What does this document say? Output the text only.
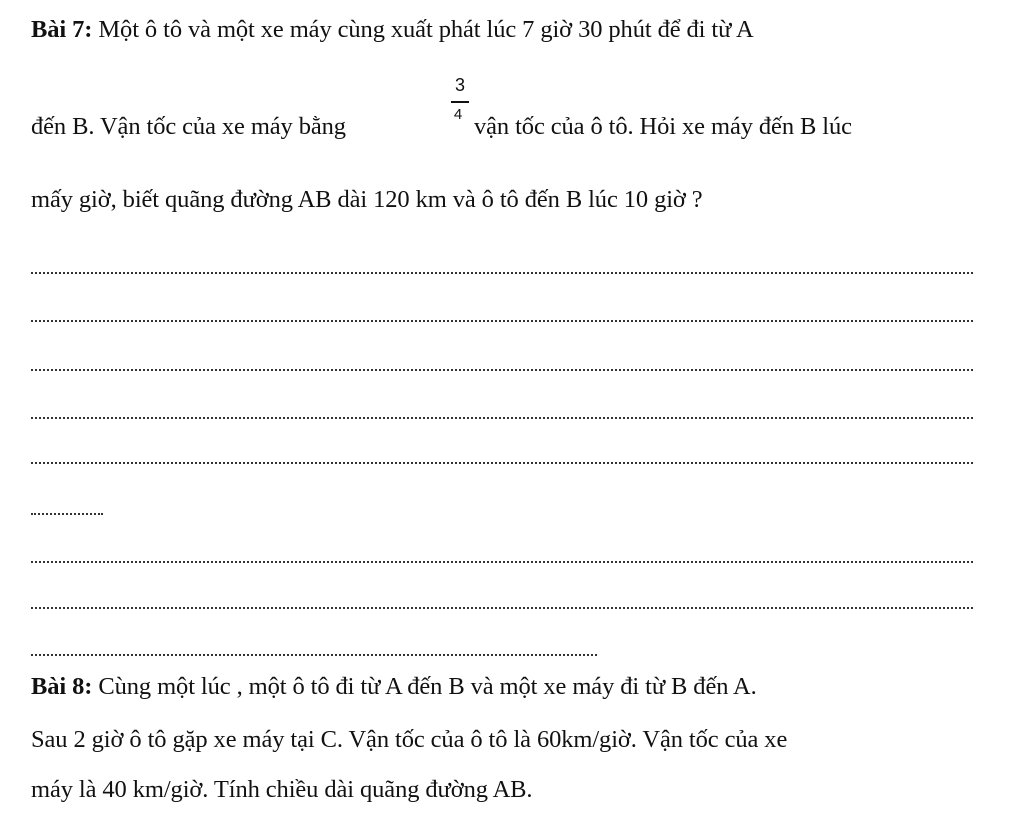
Bài 7: Một ô tô và một xe máy cùng xuất phát lúc 7 giờ 30 phút để đi từ A
3
4
đến B. Vận tốc của xe máy bằng	vận tốc của ô tô. Hỏi xe máy đến B lúc
mấy giờ, biết quãng đường AB dài 120 km và ô tô đến B lúc 10 giờ ?
Bài 8: Cùng một lúc , một ô tô đi từ A đến B và một xe máy đi từ B đến A.
Sau 2 giờ ô tô gặp xe máy tại C. Vận tốc của ô tô là 60km/giờ. Vận tốc của xe
máy là 40 km/giờ. Tính chiều dài quãng đường AB.
